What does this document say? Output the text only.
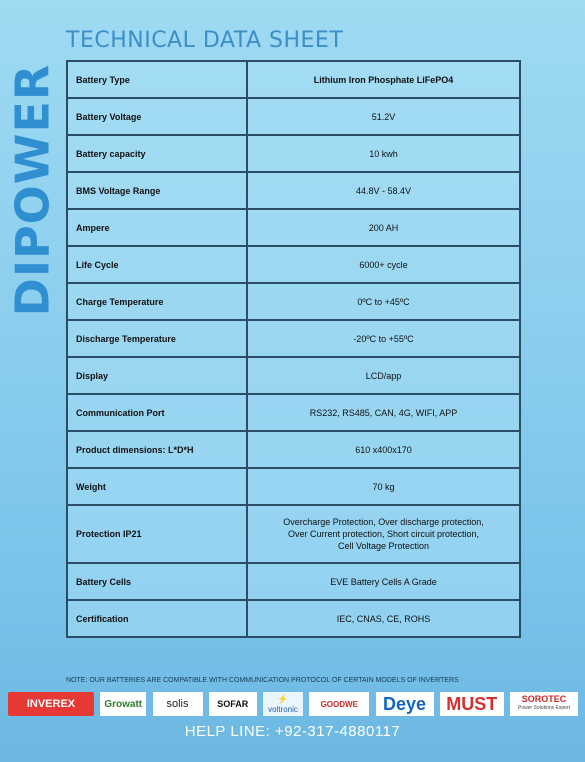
TECHNICAL DATA SHEET
DIPOWER Battery Type	Lithium Iron Phosphate LiFePO4
Battery Voltage	51.2V
Battery capacity	10 kwh
BMS Voltage Range	44.8V - 58.4V
Ampere	200 AH
Life Cycle	6000+ cycle
Charge Temperature	0ºC to +45ºC
Discharge Temperature	-20ºC to +55ºC
Display	LCD/app
Communication Port	RS232, RS485, CAN, 4G, WIFI, APP
Product dimensions: L*D*H	610 x400x170
Weight	70 kg
Protection IP21	Overcharge Protection, Over discharge protection,
Over Current protection, Short circuit protection,
Cell Voltage Protection

Battery Cells	EVE Battery Cells A Grade
Certification	IEC, CNAS, CE, ROHS
NOTE: OUR BATTERIES ARE COMPATIBLE WITH COMMUNICATION PROTOCOL OF CERTAIN MODELS OF INVERTERS
INVEREX	Growatt	solis	SOFAR	⚡
voltronic
GOODWE	Deye	MUST	SOROTEC
Power Solutions Expert
HELP LINE: +92-317-4880117
